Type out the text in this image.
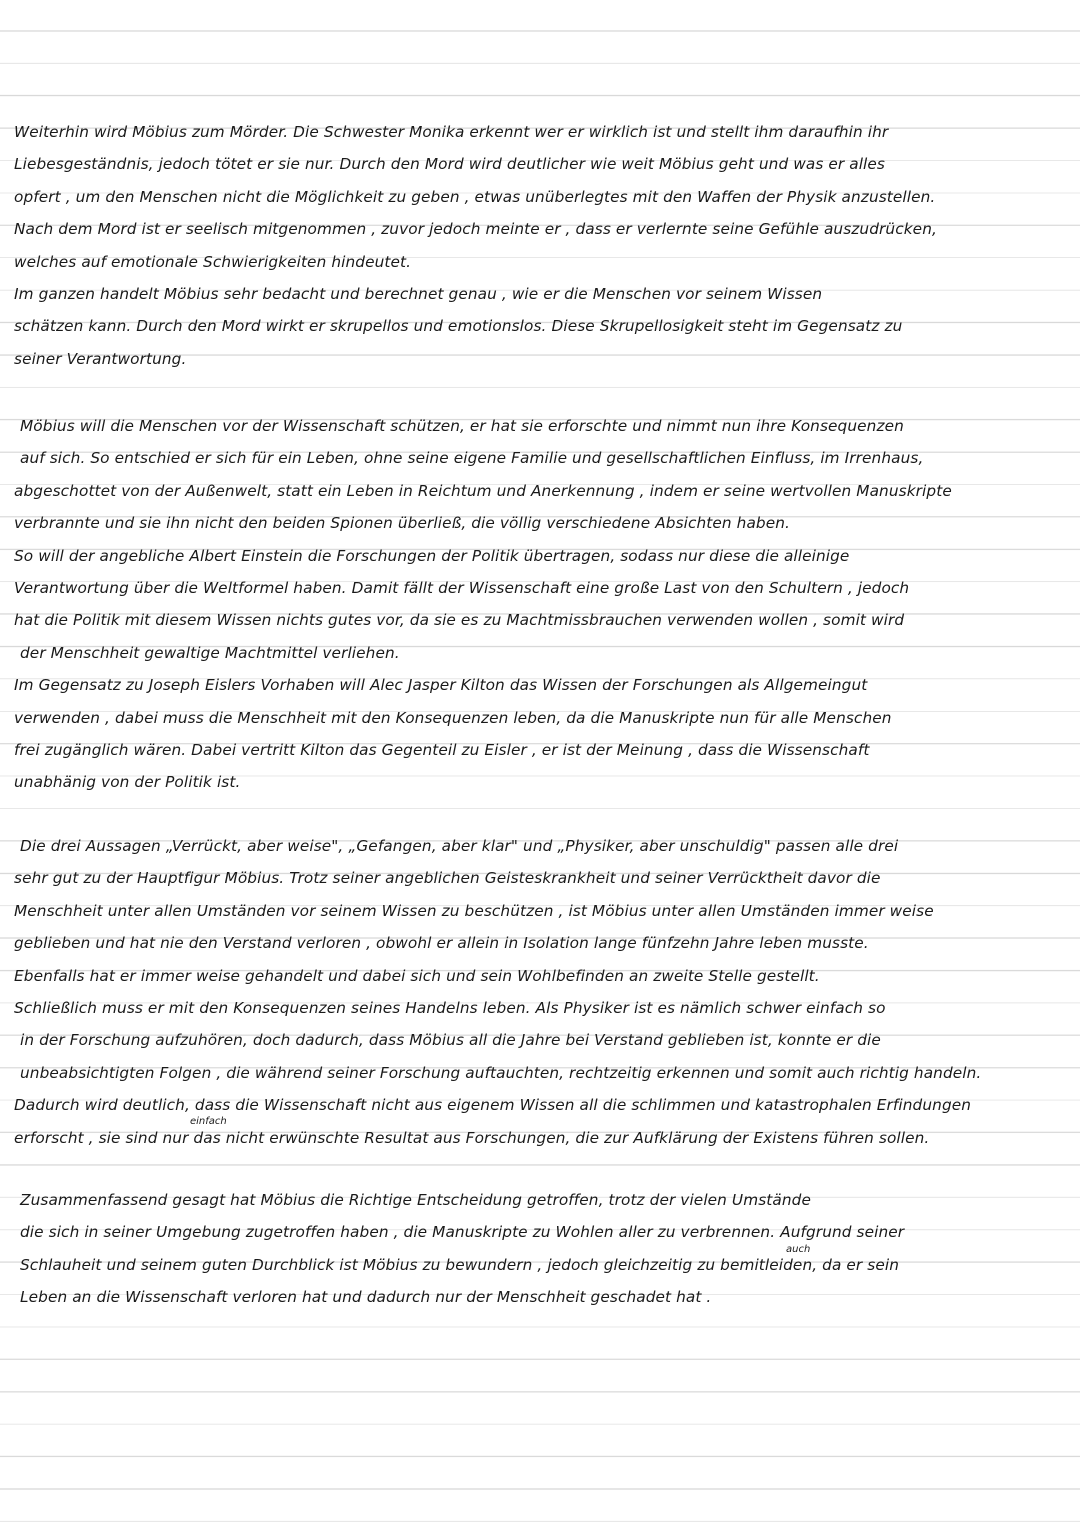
Weiterhin wird Möbius zum Mörder. Die Schwester Monika erkennt wer er wirklich ist und stellt ihm daraufhin ihr
Liebesgeständnis, jedoch tötet er sie nur. Durch den Mord wird deutlicher wie weit Möbius geht und was er alles
opfert , um den Menschen nicht die Möglichkeit zu geben , etwas unüberlegtes mit den Waffen der Physik anzustellen.
Nach dem Mord ist er seelisch mitgenommen , zuvor jedoch meinte er , dass er verlernte seine Gefühle auszudrücken,
welches auf emotionale Schwierigkeiten hindeutet.
Im ganzen handelt Möbius sehr bedacht und berechnet genau , wie er die Menschen vor seinem Wissen
schätzen kann. Durch den Mord wirkt er skrupellos und emotionslos. Diese Skrupellosigkeit steht im Gegensatz zu
seiner Verantwortung.
Möbius will die Menschen vor der Wissenschaft schützen, er hat sie erforschte und nimmt nun ihre Konsequenzen
auf sich. So entschied er sich für ein Leben, ohne seine eigene Familie und gesellschaftlichen Einfluss, im Irrenhaus,
abgeschottet von der Außenwelt, statt ein Leben in Reichtum und Anerkennung , indem er seine wertvollen Manuskripte
verbrannte und sie ihn nicht den beiden Spionen überließ, die völlig verschiedene Absichten haben.
So will der angebliche Albert Einstein die Forschungen der Politik übertragen, sodass nur diese die alleinige
Verantwortung über die Weltformel haben. Damit fällt der Wissenschaft eine große Last von den Schultern , jedoch
hat die Politik mit diesem Wissen nichts gutes vor, da sie es zu Machtmissbrauchen verwenden wollen , somit wird
der Menschheit gewaltige Machtmittel verliehen.
Im Gegensatz zu Joseph Eislers Vorhaben will Alec Jasper Kilton das Wissen der Forschungen als Allgemeingut
verwenden , dabei muss die Menschheit mit den Konsequenzen leben, da die Manuskripte nun für alle Menschen
frei zugänglich wären. Dabei vertritt Kilton das Gegenteil zu Eisler , er ist der Meinung , dass die Wissenschaft
unabhänig von der Politik ist.
Die drei Aussagen „Verrückt, aber weise", „Gefangen, aber klar" und „Physiker, aber unschuldig" passen alle drei
sehr gut zu der Hauptfigur Möbius. Trotz seiner angeblichen Geisteskrankheit und seiner Verrücktheit davor die
Menschheit unter allen Umständen vor seinem Wissen zu beschützen , ist Möbius unter allen Umständen immer weise
geblieben und hat nie den Verstand verloren , obwohl er allein in Isolation lange fünfzehn Jahre leben musste.
Ebenfalls hat er immer weise gehandelt und dabei sich und sein Wohlbefinden an zweite Stelle gestellt.
Schließlich muss er mit den Konsequenzen seines Handelns leben. Als Physiker ist es nämlich schwer einfach so
in der Forschung aufzuhören, doch dadurch, dass Möbius all die Jahre bei Verstand geblieben ist, konnte er die
unbeabsichtigten Folgen , die während seiner Forschung auftauchten, rechtzeitig erkennen und somit auch richtig handeln.
Dadurch wird deutlich, dass die Wissenschaft nicht aus eigenem Wissen all die schlimmen und katastrophalen Erfindungen
erforscht , sie sind nur das nicht erwünschte Resultat aus Forschungen, die zur Aufklärung der Existens führen sollen.
einfach
Zusammenfassend gesagt hat Möbius die Richtige Entscheidung getroffen, trotz der vielen Umstände
die sich in seiner Umgebung zugetroffen haben , die Manuskripte zu Wohlen aller zu verbrennen. Aufgrund seiner
Schlauheit und seinem guten Durchblick ist Möbius zu bewundern , jedoch gleichzeitig zu bemitleiden, da er sein
Leben an die Wissenschaft verloren hat und dadurch nur der Menschheit geschadet hat .
auch
